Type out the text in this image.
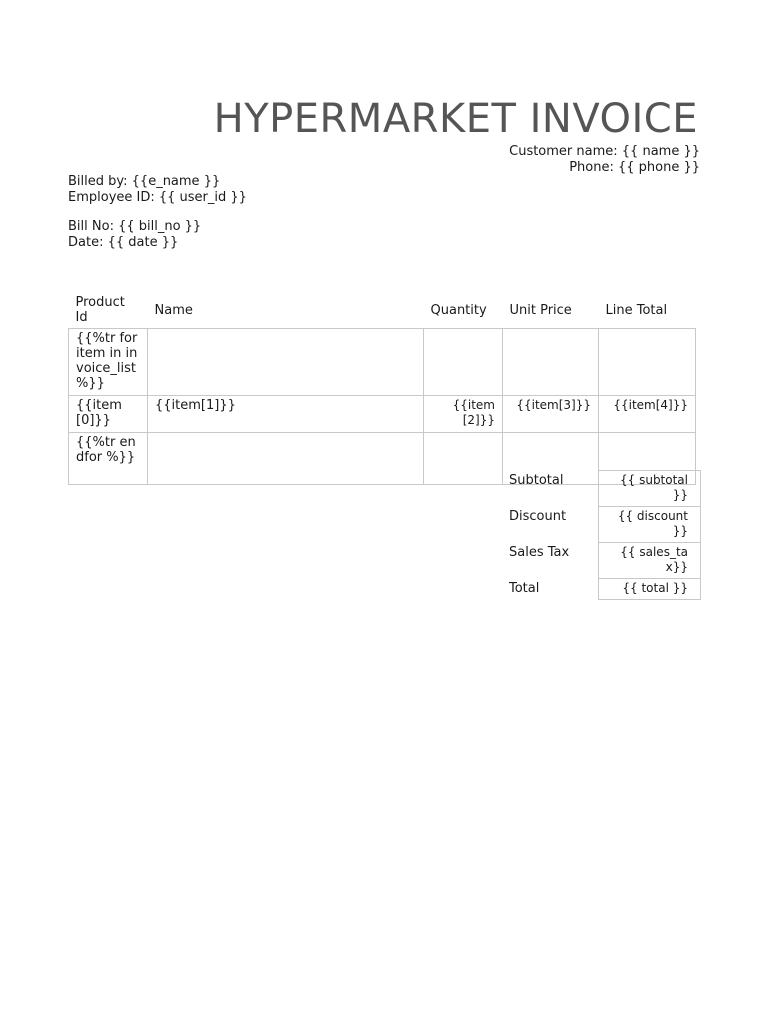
HYPERMARKET INVOICE
Customer name: {{ name }}
Phone: {{ phone }}
Billed by: {{e_name }}
Employee ID: {{ user_id }}
Bill No: {{ bill_no }}
Date: {{ date }}
Product Id	Name	Quantity	Unit Price	Line Total
{{%tr for item in invoice_list %}}				
{{item[0]}}	{{item[1]}}	{{item[2]}}	{{item[3]}}	{{item[4]}}
{{%tr endfor %}}				
Subtotal	{{ subtotal }}
Discount	{{ discount }}
Sales Tax	{{ sales_tax}}
Total	{{ total }}
